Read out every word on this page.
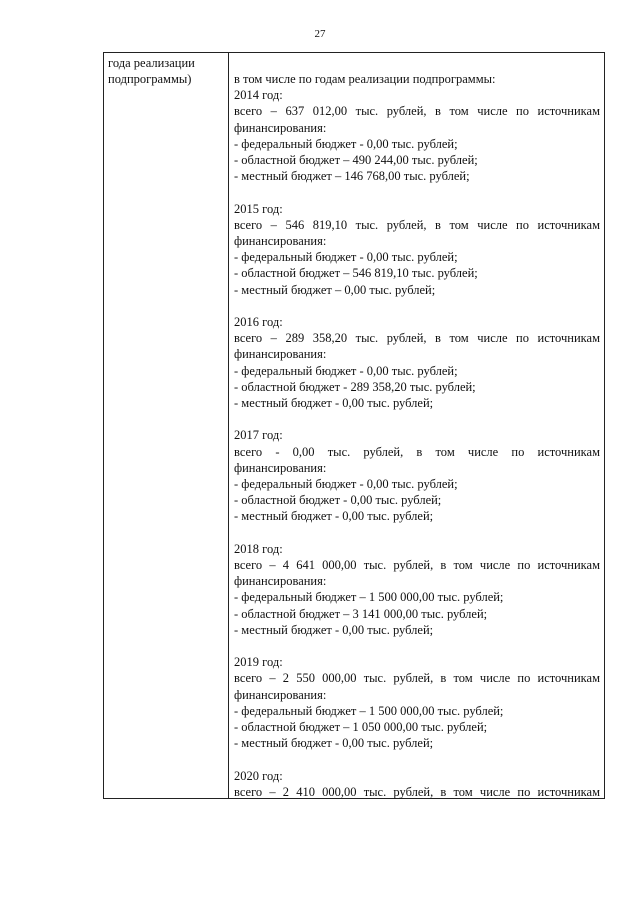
27
года реализации
подпрограммы)	в том числе по годам реализации подпрограммы:

2014 год:

всего – 637 012,00 тыс. рублей, в том числе по источникам

финансирования:

- федеральный бюджет - 0,00 тыс. рублей;

- областной бюджет – 490 244,00 тыс. рублей;

- местный бюджет – 146 768,00 тыс. рублей;

2015 год:

всего – 546 819,10 тыс. рублей, в том числе по источникам

финансирования:

- федеральный бюджет - 0,00 тыс. рублей;

- областной бюджет – 546 819,10 тыс. рублей;

- местный бюджет – 0,00 тыс. рублей;

2016 год:

всего – 289 358,20 тыс. рублей, в том числе по источникам

финансирования:

- федеральный бюджет - 0,00 тыс. рублей;

- областной бюджет - 289 358,20 тыс. рублей;

- местный бюджет - 0,00 тыс. рублей;

2017 год:

всего - 0,00 тыс. рублей, в том числе по источникам

финансирования:

- федеральный бюджет - 0,00 тыс. рублей;

- областной бюджет - 0,00 тыс. рублей;

- местный бюджет - 0,00 тыс. рублей;

2018 год:

всего – 4 641 000,00 тыс. рублей, в том числе по источникам

финансирования:

- федеральный бюджет – 1 500 000,00 тыс. рублей;

- областной бюджет – 3 141 000,00 тыс. рублей;

- местный бюджет - 0,00 тыс. рублей;

2019 год:

всего – 2 550 000,00 тыс. рублей, в том числе по источникам

финансирования:

- федеральный бюджет – 1 500 000,00 тыс. рублей;

- областной бюджет – 1 050 000,00 тыс. рублей;

- местный бюджет - 0,00 тыс. рублей;

2020 год:

всего – 2 410 000,00 тыс. рублей, в том числе по источникам
